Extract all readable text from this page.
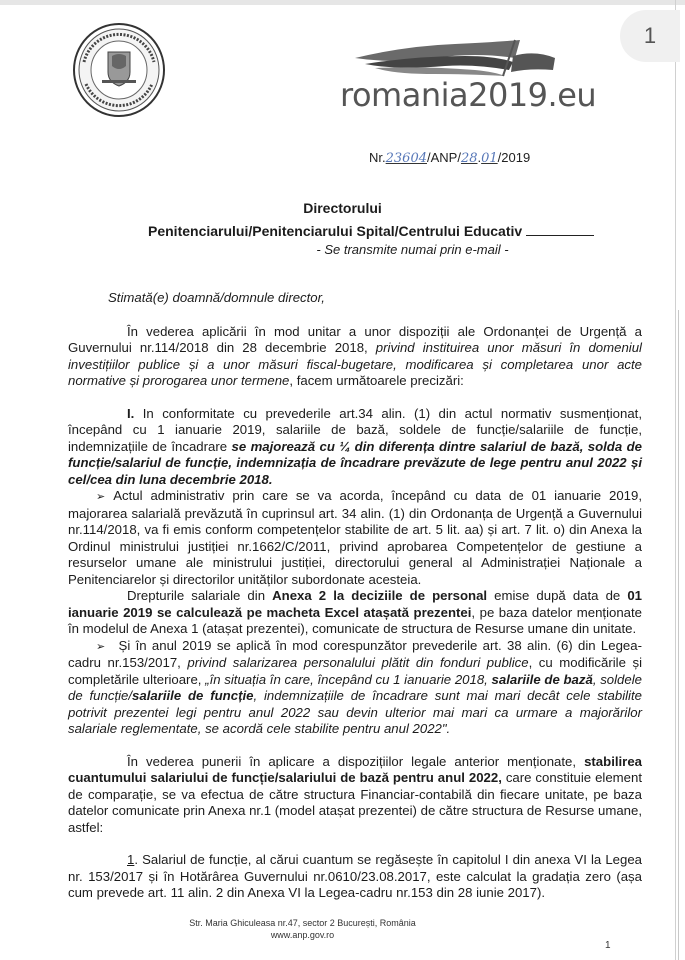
1
romania2019.eu
Nr.23604/ANP/28.01/2019
Directorului
Penitenciarului/Penitenciarului Spital/Centrului Educativ
- Se transmite numai prin e-mail -

Stimată(e) doamnă/domnule director,

În vederea aplicării în mod unitar a unor dispoziții ale Ordonanței de Urgență a Guvernului nr.114/2018 din 28 decembrie 2018, privind instituirea unor măsuri în domeniul investițiilor publice și a unor măsuri fiscal-bugetare, modificarea și completarea unor acte normative și prorogarea unor termene, facem următoarele precizări:

I. In conformitate cu prevederile art.34 alin. (1) din actul normativ susmenționat, începând cu 1 ianuarie 2019, salariile de bază, soldele de funcție/salariile de funcție, indemnizațiile de încadrare se majorează cu ¼ din diferența dintre salariul de bază, solda de funcție/salariul de funcție, indemnizația de încadrare prevăzute de lege pentru anul 2022 și cel/cea din luna decembrie 2018.

➢ Actul administrativ prin care se va acorda, începând cu data de 01 ianuarie 2019, majorarea salarială prevăzută în cuprinsul art. 34 alin. (1) din Ordonanța de Urgență a Guvernului nr.114/2018, va fi emis conform competențelor stabilite de art. 5 lit. aa) și art. 7 lit. o) din Anexa la Ordinul ministrului justiției nr.1662/C/2011, privind aprobarea Competențelor de gestiune a resurselor umane ale ministrului justiției, directorului general al Administrației Naționale a Penitenciarelor și directorilor unităților subordonate acesteia.

Drepturile salariale din Anexa 2 la deciziile de personal emise după data de 01 ianuarie 2019 se calculează pe macheta Excel atașată prezentei, pe baza datelor menționate în modelul de Anexa 1 (atașat prezentei), comunicate de structura de Resurse umane din unitate.

➢ Și în anul 2019 se aplică în mod corespunzător prevederile art. 38 alin. (6) din Legea-cadru nr.153/2017, privind salarizarea personalului plătit din fonduri publice, cu modificările și completările ulterioare, „în situația în care, începând cu 1 ianuarie 2018, salariile de bază, soldele de funcție/salariile de funcție, indemnizațiile de încadrare sunt mai mari decât cele stabilite potrivit prezentei legi pentru anul 2022 sau devin ulterior mai mari ca urmare a majorărilor salariale reglementate, se acordă cele stabilite pentru anul 2022".

În vederea punerii în aplicare a dispozițiilor legale anterior menționate, stabilirea cuantumului salariului de funcție/salariului de bază pentru anul 2022, care constituie element de comparație, se va efectua de către structura Financiar-contabilă din fiecare unitate, pe baza datelor comunicate prin Anexa nr.1 (model atașat prezentei) de către structura de Resurse umane, astfel:

1. Salariul de funcție, al cărui cuantum se regăsește în capitolul I din anexa VI la Legea nr. 153/2017 și în Hotărârea Guvernului nr.0610/23.08.2017, este calculat la gradația zero (așa cum prevede art. 11 alin. 2 din Anexa VI la Legea-cadru nr.153 din 28 iunie 2017).

Str. Maria Ghiculeasa nr.47, sector 2 București, România
www.anp.gov.ro
1
